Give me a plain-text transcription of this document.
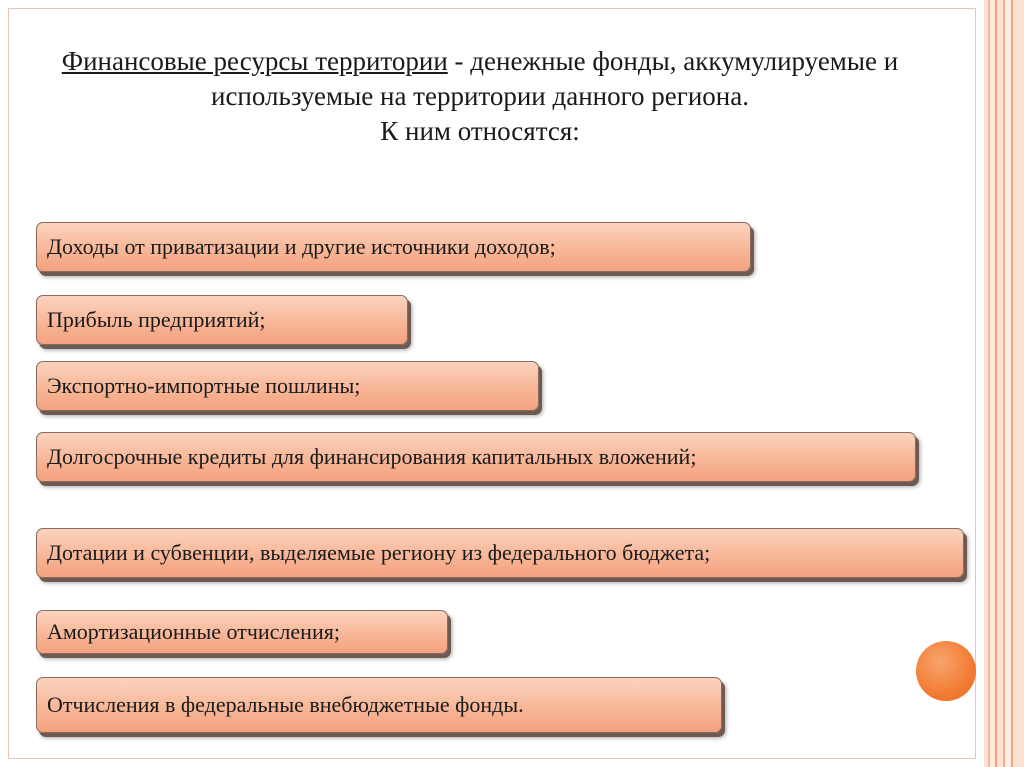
Финансовые ресурсы территории - денежные фонды, аккумулируемые и используемые на территории данного региона.
К ним относятся:
Доходы от приватизации и другие источники доходов;
Прибыль предприятий;
Экспортно-импортные пошлины;
Долгосрочные кредиты для финансирования капитальных вложений;
Дотации и субвенции, выделяемые региону из федерального бюджета;
Амортизационные отчисления;
Отчисления в федеральные внебюджетные фонды.
